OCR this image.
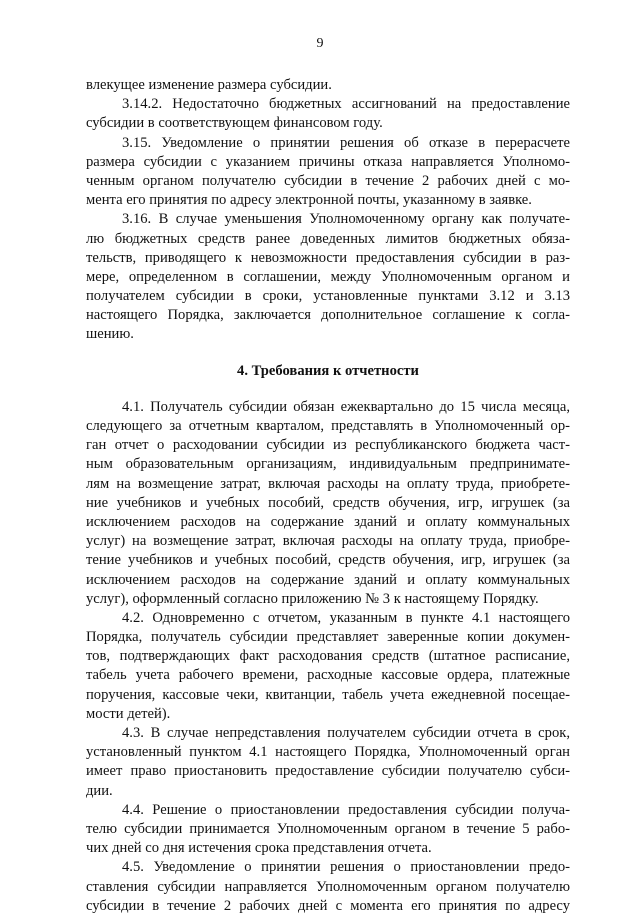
9
влекущее изменение размера субсидии.
3.14.2. Недостаточно бюджетных ассигнований на предоставление
субсидии в соответствующем финансовом году.
3.15. Уведомление о принятии решения об отказе в перерасчете
размера субсидии с указанием причины отказа направляется Уполномо-
ченным органом получателю субсидии в течение 2 рабочих дней с мо-
мента его принятия по адресу электронной почты, указанному в заявке.
3.16. В случае уменьшения Уполномоченному органу как получате-
лю бюджетных средств ранее доведенных лимитов бюджетных обяза-
тельств, приводящего к невозможности предоставления субсидии в раз-
мере, определенном в соглашении, между Уполномоченным органом и
получателем субсидии в сроки, установленные пунктами 3.12 и 3.13
настоящего Порядка, заключается дополнительное соглашение к согла-
шению.
4. Требования к отчетности
4.1. Получатель субсидии обязан ежеквартально до 15 числа месяца,
следующего за отчетным кварталом, представлять в Уполномоченный ор-
ган отчет о расходовании субсидии из республиканского бюджета част-
ным образовательным организациям, индивидуальным предпринимате-
лям на возмещение затрат, включая расходы на оплату труда, приобрете-
ние учебников и учебных пособий, средств обучения, игр, игрушек (за
исключением расходов на содержание зданий и оплату коммунальных
услуг) на возмещение затрат, включая расходы на оплату труда, приобре-
тение учебников и учебных пособий, средств обучения, игр, игрушек (за
исключением расходов на содержание зданий и оплату коммунальных
услуг), оформленный согласно приложению № 3 к настоящему Порядку.
4.2. Одновременно с отчетом, указанным в пункте 4.1 настоящего
Порядка, получатель субсидии представляет заверенные копии докумен-
тов, подтверждающих факт расходования средств (штатное расписание,
табель учета рабочего времени, расходные кассовые ордера, платежные
поручения, кассовые чеки, квитанции, табель учета ежедневной посещае-
мости детей).
4.3. В случае непредставления получателем субсидии отчета в срок,
установленный пунктом 4.1 настоящего Порядка, Уполномоченный орган
имеет право приостановить предоставление субсидии получателю субси-
дии.
4.4. Решение о приостановлении предоставления субсидии получа-
телю субсидии принимается Уполномоченным органом в течение 5 рабо-
чих дней со дня истечения срока представления отчета.
4.5. Уведомление о принятии решения о приостановлении предо-
ставления субсидии направляется Уполномоченным органом получателю
субсидии в течение 2 рабочих дней с момента его принятия по адресу
